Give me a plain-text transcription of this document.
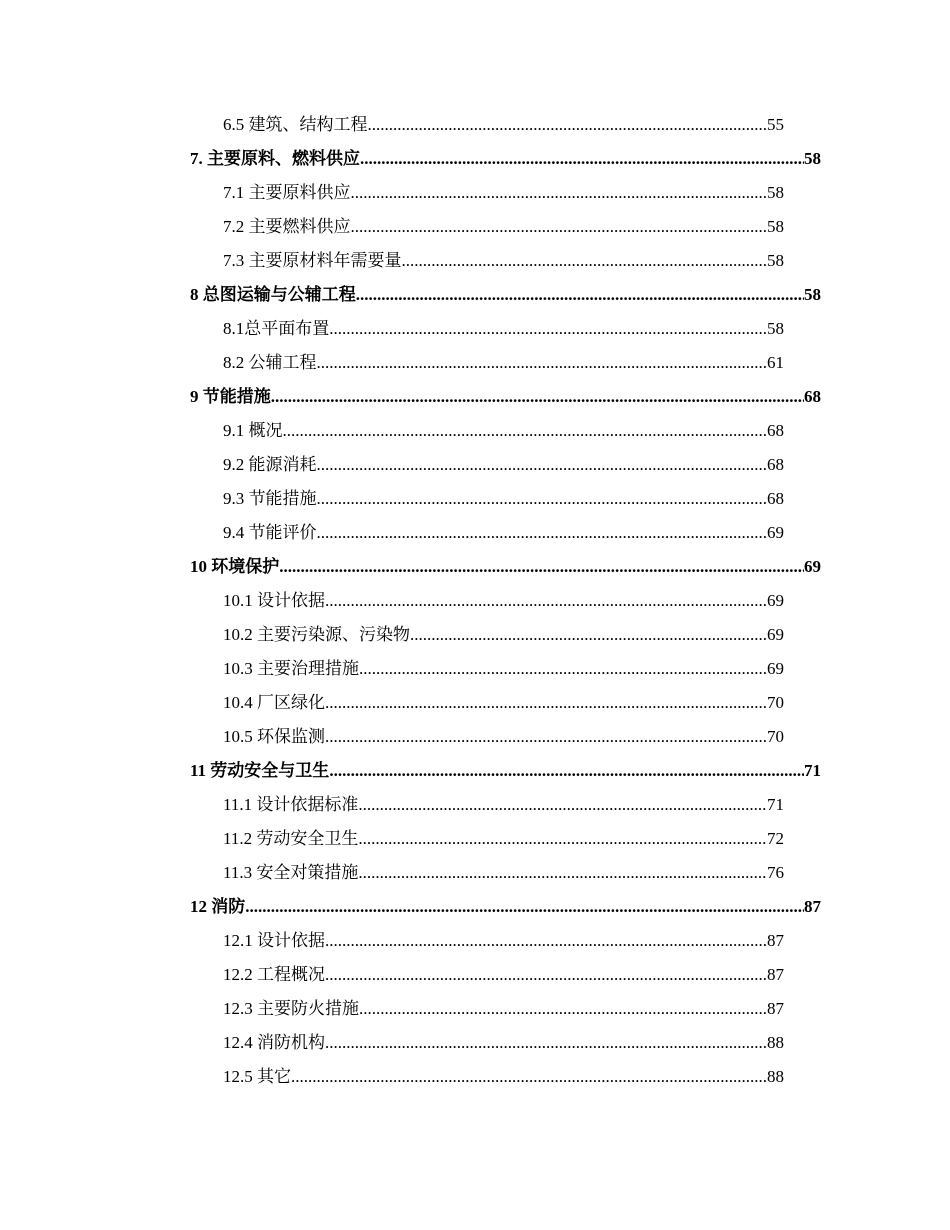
6.5 建筑、结构工程 .....	55
7. 主要原料、燃料供应 .....	58
7.1 主要原料供应 .....	58
7.2 主要燃料供应 .....	58
7.3 主要原材料年需要量 .....	58
8 总图运输与公辅工程 .....	58
8.1总平面布置 .....	58
8.2 公辅工程 .....	61
9 节能措施 .....	68
9.1 概况 .....	68
9.2 能源消耗 .....	68
9.3 节能措施 .....	68
9.4 节能评价 .....	69
10 环境保护 .....	69
10.1 设计依据 .....	69
10.2 主要污染源、污染物 .....	69
10.3 主要治理措施 .....	69
10.4 厂区绿化 .....	70
10.5 环保监测 .....	70
11 劳动安全与卫生 .....	71
11.1 设计依据标准 .....	71
11.2 劳动安全卫生 .....	72
11.3 安全对策措施 .....	76
12 消防 .....	87
12.1 设计依据 .....	87
12.2 工程概况 .....	87
12.3 主要防火措施 .....	87
12.4 消防机构 .....	88
12.5 其它 .....	88
